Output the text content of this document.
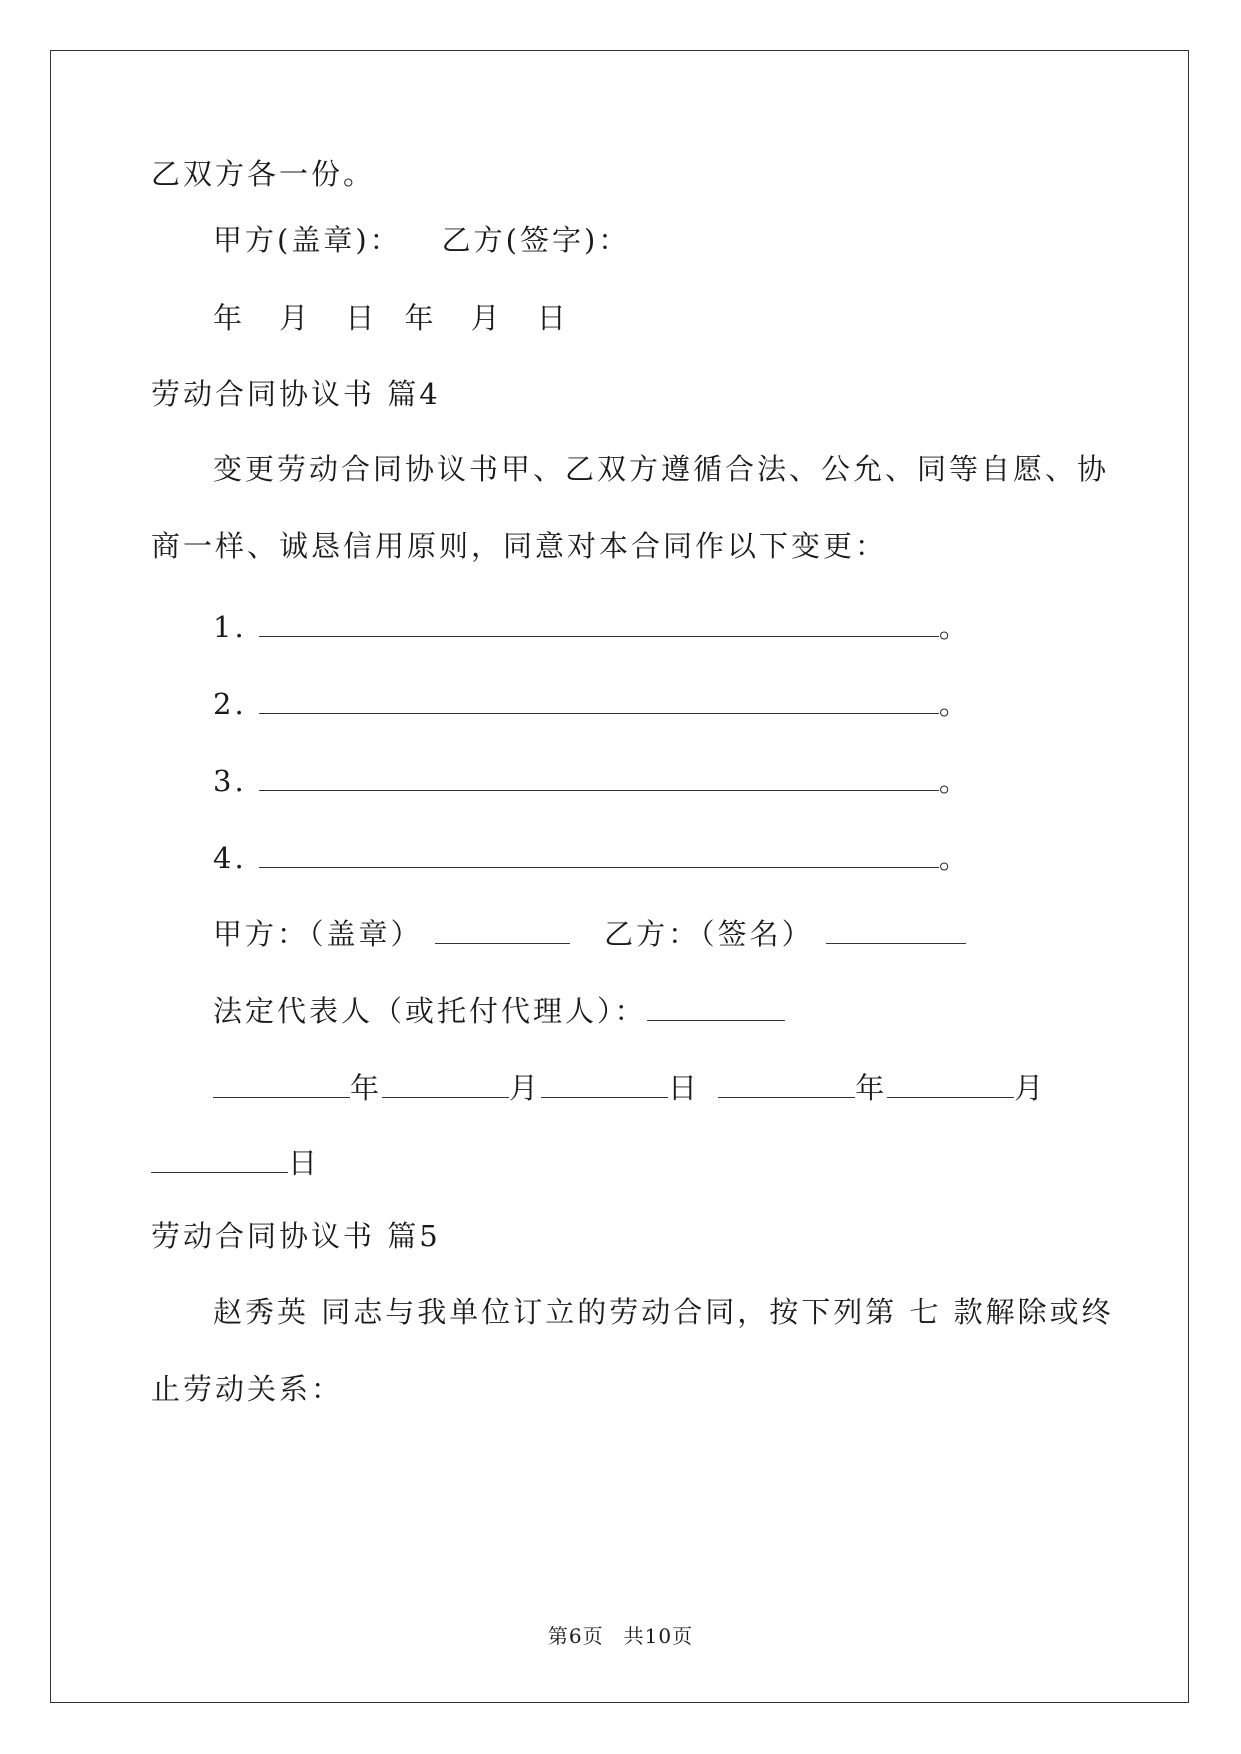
乙双方各一份。
甲方(盖章)： 乙方(签字)：
年 月 日 年 月 日
劳动合同协议书 篇4
变更劳动合同协议书甲、乙双方遵循合法、公允、同等自愿、协
商一样、诚恳信用原则，同意对本合同作以下变更：
1.	。
2.	。
3.	。
4.	。
甲方：（盖章）	乙方：（签名）
法定代表人（或托付代理人）：
年	月	日	年	月
日
劳动合同协议书 篇5
赵秀英 同志与我单位订立的劳动合同，按下列第 七 款解除或终
止劳动关系：
第6页 共10页
